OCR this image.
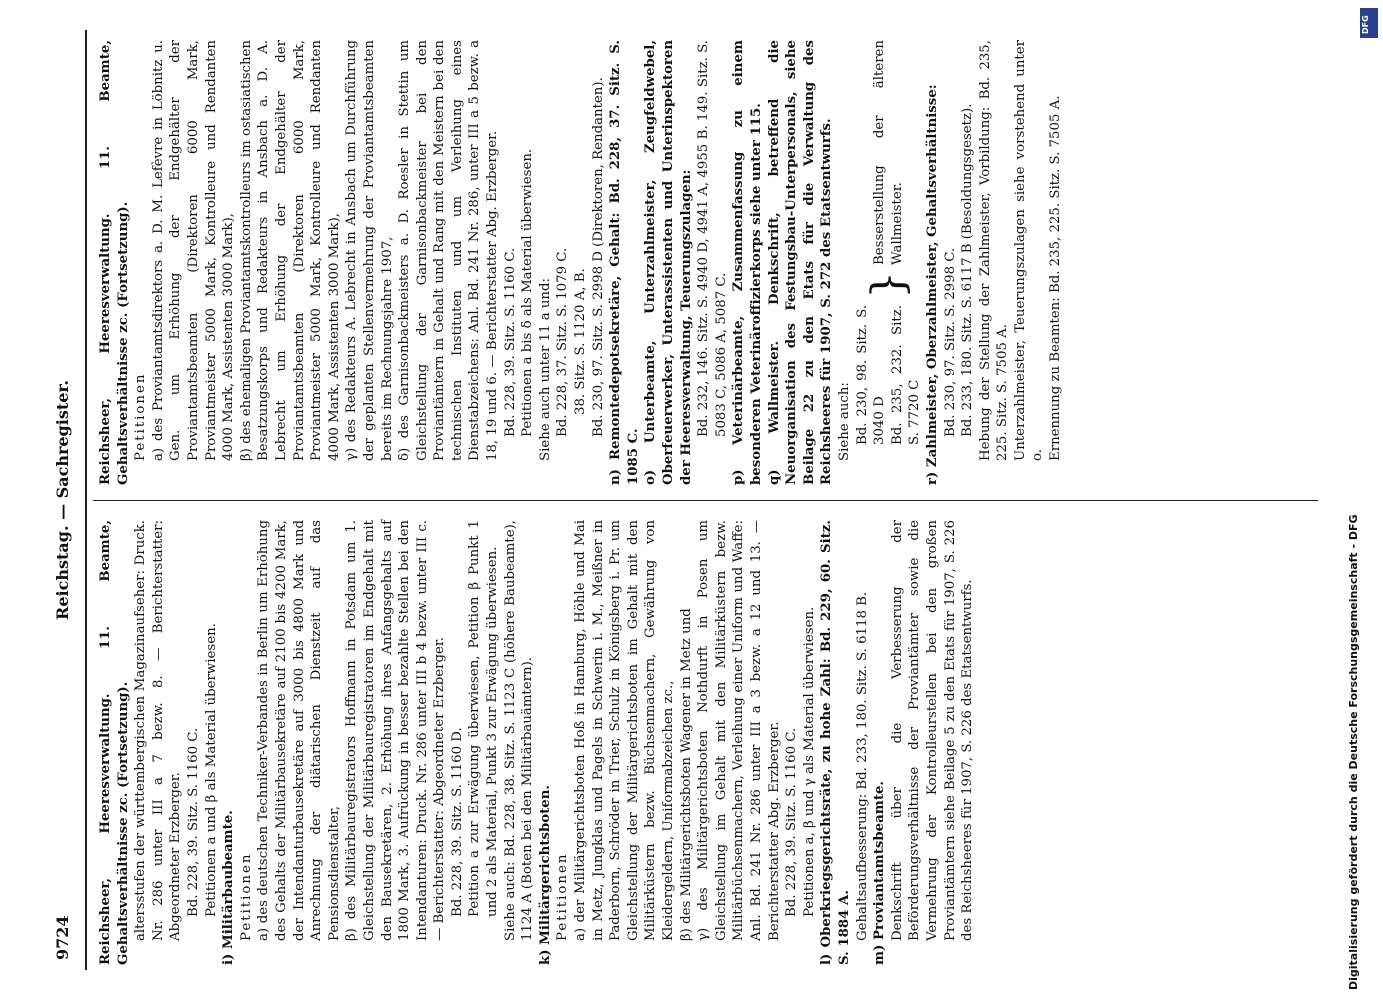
9724
Reichstag. — Sachregister.

Reichsheer, Heeresverwaltung. 11. Beamte, Gehaltsverhältnisse zc. (Fortsetzung). altersstufen der württembergischen Magazinaufseher: Druck. Nr. 286 unter III a 7 bezw. 8. — Berichterstatter: Abgeordneter Erzberger. Bd. 228, 39. Sitz. S. 1160 C. Petitionen a und β als Material überwiesen. i) Militärbaubeamte. Petitionen a) des deutschen Techniker-Verbandes in Berlin um Erhöhung des Gehalts der Militärbausekretäre auf 2100 bis 4200 Mark, der Intendanturbausekretäre auf 3000 bis 4800 Mark und Anrechnung der diätarischen Dienstzeit auf das Pensionsdienstalter, β) des Militärbauregistrators Hoffmann in Potsdam um 1. Gleichstellung der Militärbauregistratoren im Endgehalt mit den Bausekretären, 2. Erhöhung ihres Anfangsgehalts auf 1800 Mark, 3. Aufrückung in besser bezahlte Stellen bei den Intendanturen: Druck. Nr. 286 unter III b 4 bezw. unter III c. — Berichterstatter: Abgeordneter Erzberger. Bd. 228, 39. Sitz. S. 1160 D. Petition a zur Erwägung überwiesen, Petition β Punkt 1 und 2 als Material, Punkt 3 zur Erwägung überwiesen. Siehe auch: Bd. 228, 38. Sitz. S. 1123 C (höhere Baubeamte), 1124 A (Boten bei den Militärbauämtern). k) Militärgerichtsboten. Petitionen a) der Militärgerichtsboten Hoß in Hamburg, Höhle und Mai in Metz, Jungklas und Pagels in Schwerin i. M., Meißner in Paderborn, Schröder in Trier, Schulz in Königsberg i. Pr. um Gleichstellung der Militärgerichtsboten im Gehalt mit den Militärküstern bezw. Büchsenmachern, Gewährung von Kleidergeldern, Uniformabzeichen zc., β) des Militärgerichtsboten Wagener in Metz und γ) des Militärgerichtsboten Nothdurft in Posen um Gleichstellung im Gehalt mit den Militärküstern bezw. Militärbüchsenmachern, Verleihung einer Uniform und Waffe: Anl. Bd. 241 Nr. 286 unter III a 3 bezw. a 12 und 13. — Berichterstatter Abg. Erzberger. Bd. 228, 39. Sitz. S. 1160 C. Petitionen a, β und γ als Material überwiesen. l) Oberkriegsgerichtsräte, zu hohe Zahl: Bd. 229, 60. Sitz. S. 1884 A. Gehaltsaufbesserung: Bd. 233, 180. Sitz. S. 6118 B. m) Proviantamtsbeamte. Denkschrift über die Verbesserung der Beförderungsverhältnisse der Proviantämter sowie die Vermehrung der Kontrolleurstellen bei den großen Proviantämtern siehe Beilage 5 zu den Etats für 1907, S. 226 des Reichsheeres für 1907, S. 226 des Etatsentwurfs.

Reichsheer, Heeresverwaltung. 11. Beamte, Gehaltsverhältnisse zc. (Fortsetzung). Petitionen a) des Proviantamtsdirektors a. D. M. Lefèvre in Löbnitz u. Gen. um Erhöhung der Endgehälter der Proviantamtsbeamten (Direktoren 6000 Mark, Proviantmeister 5000 Mark, Kontrolleure und Rendanten 4000 Mark, Assistenten 3000 Mark), β) des ehemaligen Proviantamtskontrolleurs im ostasiatischen Besatzungskorps und Redakteurs in Ansbach a. D. A. Lebrecht um Erhöhung der Endgehälter der Proviantamtsbeamten (Direktoren 6000 Mark, Proviantmeister 5000 Mark, Kontrolleure und Rendanten 4000 Mark, Assistenten 3000 Mark), γ) des Redakteurs A. Lebrecht in Ansbach um Durchführung der geplanten Stellenvermehrung der Proviantamtsbeamten bereits im Rechnungsjahre 1907, δ) des Garnisonbackmeisters a. D. Roesler in Stettin um Gleichstellung der Garnisonbackmeister bei den Proviantämtern in Gehalt und Rang mit den Meistern bei den technischen Instituten und um Verleihung eines Dienstabzeichens: Anl. Bd. 241 Nr. 286, unter III a 5 bezw. a 18, 19 und 6. — Berichterstatter Abg. Erzberger. Bd. 228, 39. Sitz. S. 1160 C. Petitionen a bis δ als Material überwiesen. Siehe auch unter 11 a und: Bd. 228, 37. Sitz. S. 1079 C. 38. Sitz. S. 1120 A, B. Bd. 230, 97. Sitz. S. 2998 D (Direktoren, Rendanten). n) Remontedepotsekretäre, Gehalt: Bd. 228, 37. Sitz. S. 1085 C. o) Unterbeamte, Unterzahlmeister, Zeugfeldwebel, Oberfeuerwerker, Unterassistenten und Unterinspektoren der Heeresverwaltung, Teuerungszulagen: Bd. 232, 146. Sitz. S. 4940 D, 4941 A, 4955 B. 149. Sitz. S. 5083 C, 5086 A, 5087 C. p) Veterinärbeamte, Zusammenfassung zu einem besonderen Veterinäroffizierkorps siehe unter 115. q) Wallmeister. Denkschrift, betreffend die Neuorganisation des Festungsbau-Unterpersonals, siehe Beilage 22 zu den Etats für die Verwaltung des Reichsheeres für 1907, S. 272 des Etatsentwurfs. Siehe auch: Bd. 230, 98. Sitz. S. 3040 D Bd. 235, 232. Sitz. S. 7720 C

}

Besserstellung der älteren Wallmeister. r) Zahlmeister, Oberzahlmeister, Gehaltsverhältnisse: Bd. 230, 97. Sitz. S. 2998 C. Bd. 233, 180. Sitz. S. 6117 B (Besoldungsgesetz). Hebung der Stellung der Zahlmeister, Vorbildung: Bd. 235, 225. Sitz. S. 7505 A. Unterzahlmeister, Teuerungszulagen siehe vorstehend unter o. Ernennung zu Beamten: Bd. 235, 225. Sitz. S. 7505 A.

DFG
Digitalisierung gefördert durch die Deutsche Forschungsgemeinschaft - DFG
